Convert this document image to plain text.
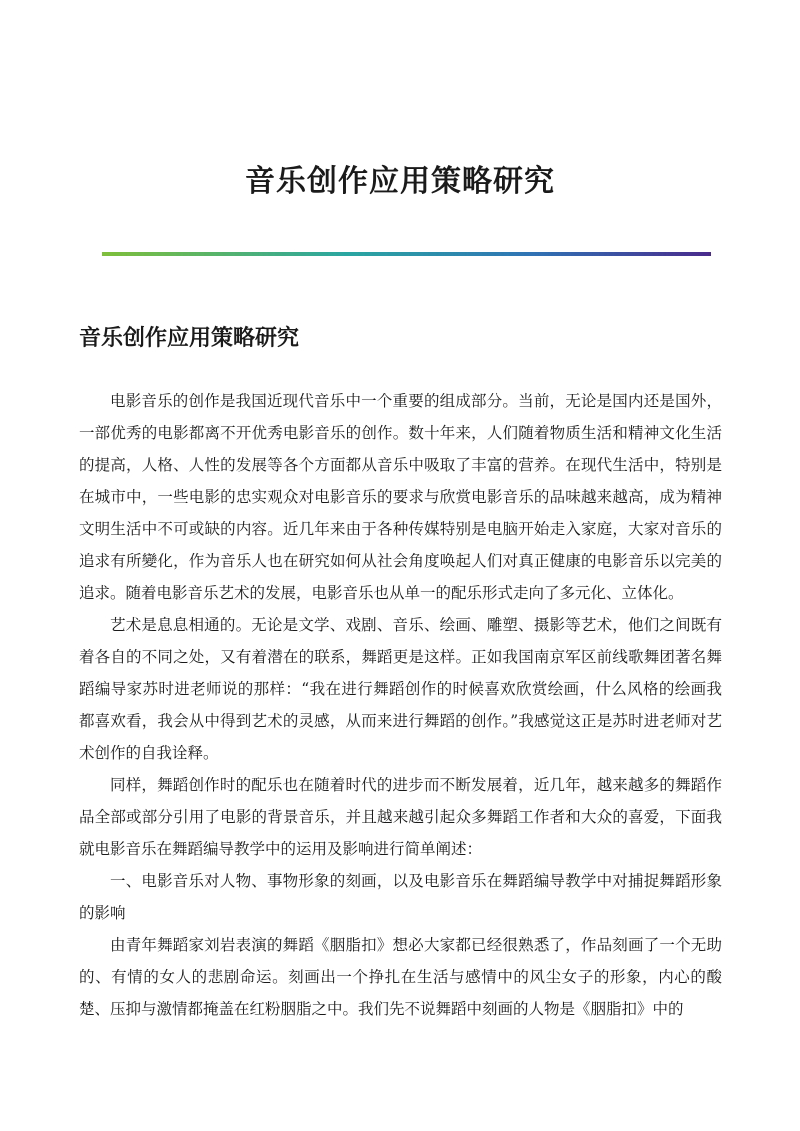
音乐创作应用策略研究
音乐创作应用策略研究

电影音乐的创作是我国近现代音乐中一个重要的组成部分。当前，无论是国内还是国外，一部优秀的电影都离不开优秀电影音乐的创作。数十年来，人们随着物质生活和精神文化生活的提高，人格、人性的发展等各个方面都从音乐中吸取了丰富的营养。在现代生活中，特别是在城市中，一些电影的忠实观众对电影音乐的要求与欣赏电影音乐的品味越来越高，成为精神文明生活中不可或缺的内容。近几年来由于各种传媒特别是电脑开始走入家庭，大家对音乐的追求有所變化，作为音乐人也在研究如何从社会角度唤起人们对真正健康的电影音乐以完美的追求。随着电影音乐艺术的发展，电影音乐也从单一的配乐形式走向了多元化、立体化。

艺术是息息相通的。无论是文学、戏剧、音乐、绘画、雕塑、摄影等艺术，他们之间既有着各自的不同之处，又有着潜在的联系，舞蹈更是这样。正如我国南京军区前线歌舞团著名舞蹈编导家苏时进老师说的那样：“我在进行舞蹈创作的时候喜欢欣赏绘画，什么风格的绘画我都喜欢看，我会从中得到艺术的灵感，从而来进行舞蹈的创作。”我感觉这正是苏时进老师对艺术创作的自我诠释。

同样，舞蹈创作时的配乐也在随着时代的进步而不断发展着，近几年，越来越多的舞蹈作品全部或部分引用了电影的背景音乐，并且越来越引起众多舞蹈工作者和大众的喜爱，下面我就电影音乐在舞蹈编导教学中的运用及影响进行简单阐述：

一、电影音乐对人物、事物形象的刻画，以及电影音乐在舞蹈编导教学中对捕捉舞蹈形象的影响

由青年舞蹈家刘岩表演的舞蹈《胭脂扣》想必大家都已经很熟悉了，作品刻画了一个无助的、有情的女人的悲剧命运。刻画出一个挣扎在生活与感情中的风尘女子的形象，内心的酸楚、压抑与激情都掩盖在红粉胭脂之中。我们先不说舞蹈中刻画的人物是《胭脂扣》中的
